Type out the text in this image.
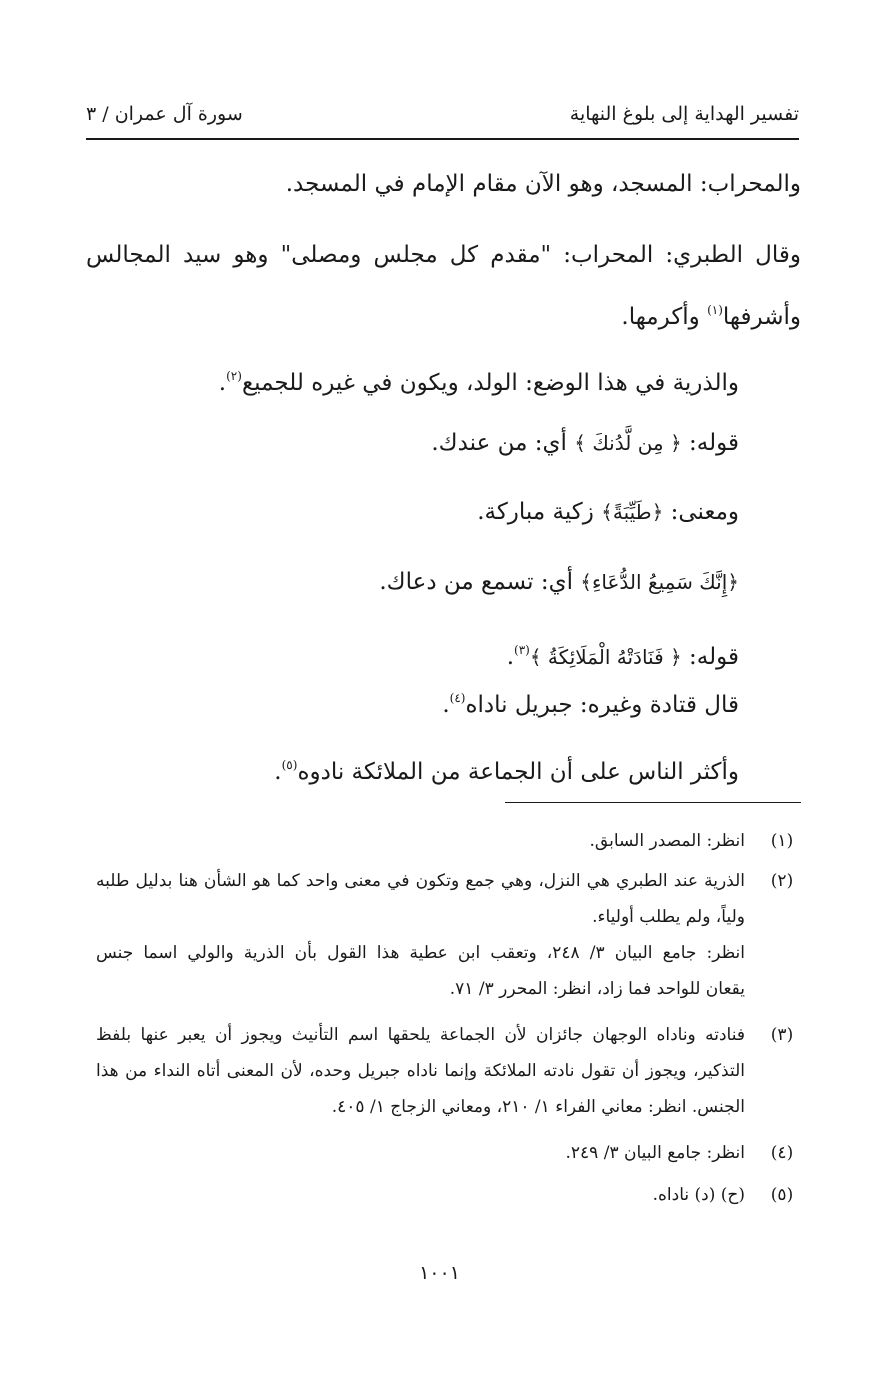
تفسير الهداية إلى بلوغ النهاية
سورة آل عمران / ٣
والمحراب: المسجد، وهو الآن مقام الإمام في المسجد.
وقال الطبري: المحراب: "مقدم كل مجلس ومصلى" وهو سيد المجالس
وأشرفها$^{(١)}$ وأكرمها.
والذرية في هذا الوضع: الولد، ويكون في غيره للجميع$^{(٢)}$.
قوله: ﴿ مِن لَّدُنكَ ﴾ أي: من عندك.
ومعنى: ﴿طَيِّبَةً﴾ زكية مباركة.
﴿إِنَّكَ سَمِيعُ الدُّعَاءِ﴾ أي: تسمع من دعاك.
قوله: ﴿ فَنَادَتْهُ الْمَلَائِكَةُ ﴾$^{(٣)}$.
قال قتادة وغيره: جبريل ناداه$^{(٤)}$.
وأكثر الناس على أن الجماعة من الملائكة نادوه$^{(٥)}$.
(١)
انظر: المصدر السابق.
(٢)
الذرية عند الطبري هي النزل، وهي جمع وتكون في معنى واحد كما هو الشأن هنا بدليل طلبه
ولياً، ولم يطلب أولياء.
انظر: جامع البيان ٣/ ٢٤٨، وتعقب ابن عطية هذا القول بأن الذرية والولي اسما جنس
يقعان للواحد فما زاد، انظر: المحرر ٣/ ٧١.
(٣)
فنادته وناداه الوجهان جائزان لأن الجماعة يلحقها اسم التأنيث ويجوز أن يعبر عنها بلفظ
التذكير، ويجوز أن تقول نادته الملائكة وإنما ناداه جبريل وحده، لأن المعنى أتاه النداء من هذا
الجنس. انظر: معاني الفراء ١/ ٢١٠، ومعاني الزجاج ١/ ٤٠٥.
(٤)
انظر: جامع البيان ٣/ ٢٤٩.
(٥)
(ح) (د) ناداه.
١٠٠١
